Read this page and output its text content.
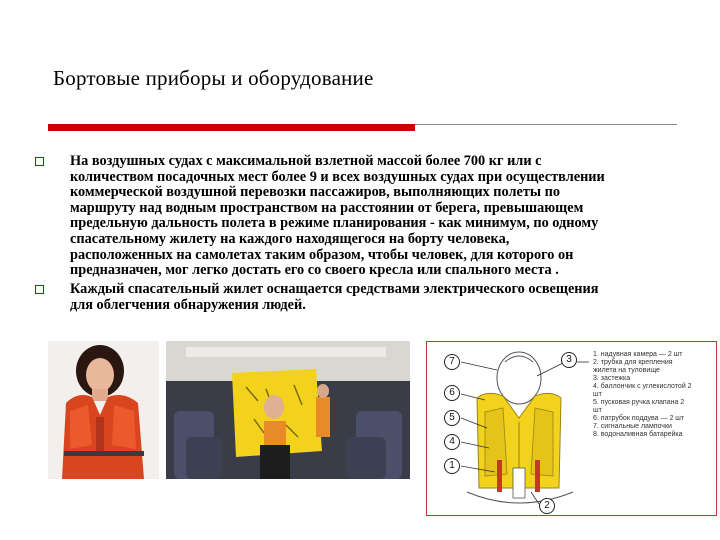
Бортовые приборы и оборудование
На воздушных судах с максимальной взлетной массой более 700 кг или с
количеством посадочных мест более 9 и всех воздушных судах при осуществлении
коммерческой воздушной перевозки пассажиров, выполняющих полеты по
маршруту над водным пространством на расстоянии от берега, превышающем
предельную дальность полета в режиме планирования - как минимум, по одному
спасательному жилету на каждого находящегося на борту человека,
расположенных на самолетах таким образом, чтобы человек, для которого он
предназначен, мог легко достать его со своего кресла или спального места .
Каждый спасательный жилет оснащается средствами электрического освещения
для облегчения обнаружения людей.
7
6
5
4
1
2
3	1. надувная камера — 2 шт
2. трубка для крепления
жилета на туловище
3. застежка
4. баллончик с углекислотой 2
шт
5. пусковая ручка клапана 2
шт
6. патрубок поддува — 2 шт
7. сигнальные лампочки
8. водоналивная батарейка
